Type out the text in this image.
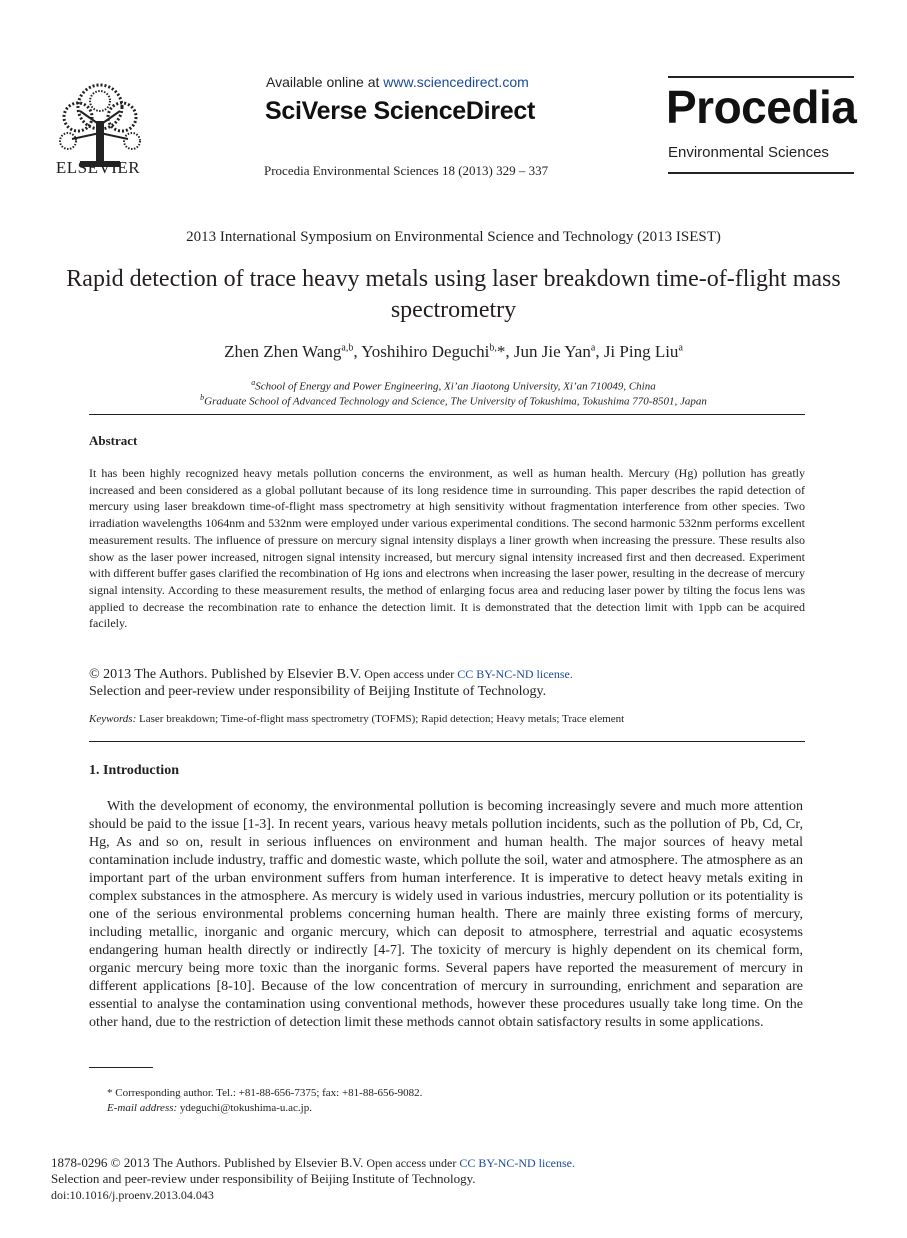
ELSEVIER
Available online at www.sciencedirect.com
SciVerse ScienceDirect
Procedia Environmental Sciences 18 (2013) 329 – 337
Procedia
Environmental Sciences
2013 International Symposium on Environmental Science and Technology (2013 ISEST)
Rapid detection of trace heavy metals using laser breakdown time-of-flight mass spectrometry
Zhen Zhen Wang$^{a,b}$, Yoshihiro Deguchi$^{b,}$*, Jun Jie Yan$^a$, Ji Ping Liu$^a$
$^a$School of Energy and Power Engineering, Xi’an Jiaotong University, Xi’an 710049, China
$^b$Graduate School of Advanced Technology and Science, The University of Tokushima, Tokushima 770-8501, Japan
Abstract
It has been highly recognized heavy metals pollution concerns the environment, as well as human health. Mercury (Hg) pollution has greatly increased and been considered as a global pollutant because of its long residence time in surrounding. This paper describes the rapid detection of mercury using laser breakdown time-of-flight mass spectrometry at high sensitivity without fragmentation interference from other species. Two irradiation wavelengths 1064nm and 532nm were employed under various experimental conditions. The second harmonic 532nm performs excellent measurement results. The influence of pressure on mercury signal intensity displays a liner growth when increasing the pressure. These results also show as the laser power increased, nitrogen signal intensity increased, but mercury signal intensity increased first and then decreased. Experiment with different buffer gases clarified the recombination of Hg ions and electrons when increasing the laser power, resulting in the decrease of mercury signal intensity. According to these measurement results, the method of enlarging focus area and reducing laser power by tilting the focus lens was applied to decrease the recombination rate to enhance the detection limit. It is demonstrated that the detection limit with 1ppb can be acquired facilely.
© 2013 The Authors. Published by Elsevier B.V. Open access under CC BY-NC-ND license.
Selection and peer-review under responsibility of Beijing Institute of Technology.
Keywords: Laser breakdown; Time-of-flight mass spectrometry (TOFMS); Rapid detection; Heavy metals; Trace element
1. Introduction
With the development of economy, the environmental pollution is becoming increasingly severe and much more attention should be paid to the issue [1-3]. In recent years, various heavy metals pollution incidents, such as the pollution of Pb, Cd, Cr, Hg, As and so on, result in serious influences on environment and human health. The major sources of heavy metal contamination include industry, traffic and domestic waste, which pollute the soil, water and atmosphere. The atmosphere as an important part of the urban environment suffers from human interference. It is imperative to detect heavy metals exiting in complex substances in the atmosphere. As mercury is widely used in various industries, mercury pollution or its potentiality is one of the serious environmental problems concerning human health. There are mainly three existing forms of mercury, including metallic, inorganic and organic mercury, which can deposit to atmosphere, terrestrial and aquatic ecosystems endangering human health directly or indirectly [4-7]. The toxicity of mercury is highly dependent on its chemical form, organic mercury being more toxic than the inorganic forms. Several papers have reported the measurement of mercury in different applications [8-10]. Because of the low concentration of mercury in surrounding, enrichment and separation are essential to analyse the contamination using conventional methods, however these procedures usually take long time. On the other hand, due to the restriction of detection limit these methods cannot obtain satisfactory results in some applications.
* Corresponding author. Tel.: +81-88-656-7375; fax: +81-88-656-9082.
E-mail address: ydeguchi@tokushima-u.ac.jp.
1878-0296 © 2013 The Authors. Published by Elsevier B.V. Open access under CC BY-NC-ND license.
Selection and peer-review under responsibility of Beijing Institute of Technology.
doi:10.1016/j.proenv.2013.04.043
